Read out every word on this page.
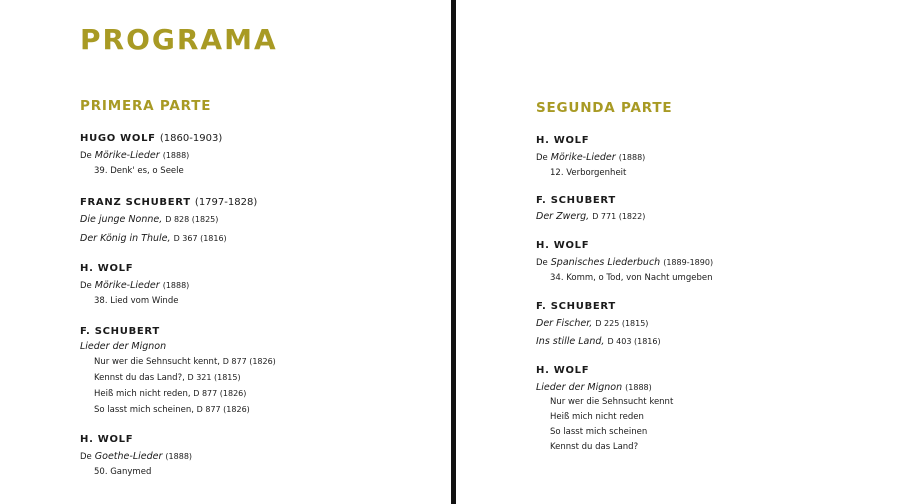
PROGRAMA
PRIMERA PARTE
HUGO WOLF (1860-1903)
De Mörike-Lieder (1888)
39. Denk' es, o Seele
FRANZ SCHUBERT (1797-1828)
Die junge Nonne, D 828 (1825)
Der König in Thule, D 367 (1816)
H. WOLF
De Mörike-Lieder (1888)
38. Lied vom Winde
F. SCHUBERT
Lieder der Mignon
Nur wer die Sehnsucht kennt, D 877 (1826)
Kennst du das Land?, D 321 (1815)
Heiß mich nicht reden, D 877 (1826)
So lasst mich scheinen, D 877 (1826)
H. WOLF
De Goethe-Lieder (1888)
50. Ganymed
SEGUNDA PARTE
H. WOLF
De Mörike-Lieder (1888)
12. Verborgenheit
F. SCHUBERT
Der Zwerg, D 771 (1822)
H. WOLF
De Spanisches Liederbuch (1889-1890)
34. Komm, o Tod, von Nacht umgeben
F. SCHUBERT
Der Fischer, D 225 (1815)
Ins stille Land, D 403 (1816)
H. WOLF
Lieder der Mignon (1888)
Nur wer die Sehnsucht kennt
Heiß mich nicht reden
So lasst mich scheinen
Kennst du das Land?
